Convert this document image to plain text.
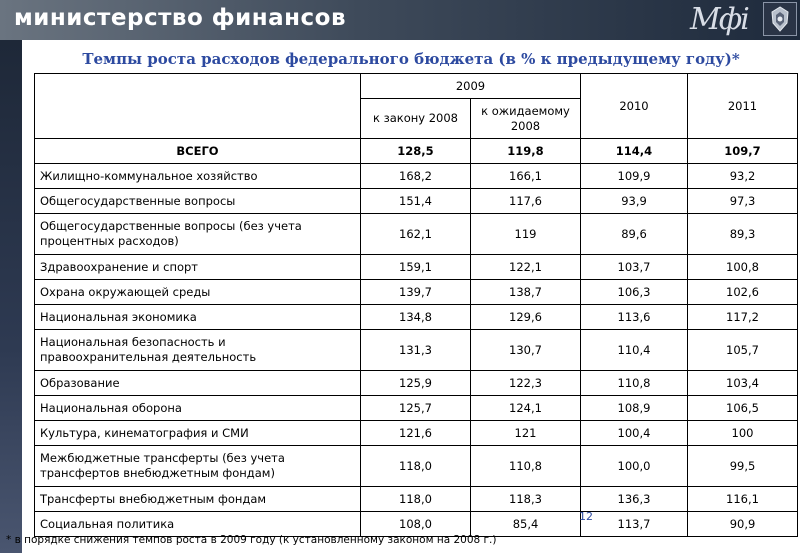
министерство финансов	Мфі
Темпы роста расходов федерального бюджета (в % к предыдущему году)*
	2009		2010	2011
	к закону 2008	к ожидаемому 2008		
ВСЕГО	128,5	119,8	114,4	109,7
Жилищно-коммунальное хозяйство	168,2	166,1	109,9	93,2
Общегосударственные вопросы	151,4	117,6	93,9	97,3
Общегосударственные вопросы (без учета процентных расходов)	162,1	119	89,6	89,3
Здравоохранение и спорт	159,1	122,1	103,7	100,8
Охрана окружающей среды	139,7	138,7	106,3	102,6
Национальная экономика	134,8	129,6	113,6	117,2
Национальная безопасность и правоохранительная деятельность	131,3	130,7	110,4	105,7
Образование	125,9	122,3	110,8	103,4
Национальная оборона	125,7	124,1	108,9	106,5
Культура, кинематография и СМИ	121,6	121	100,4	100
Межбюджетные трансферты (без учета трансфертов внебюджетным фондам)	118,0	110,8	100,0	99,5
Трансферты внебюджетным фондам	118,0	118,3	136,3	116,1
Социальная политика	108,0	85,4	113,7	90,9
12
* в порядке снижения темпов роста в 2009 году (к установленному законом на 2008 г.)
